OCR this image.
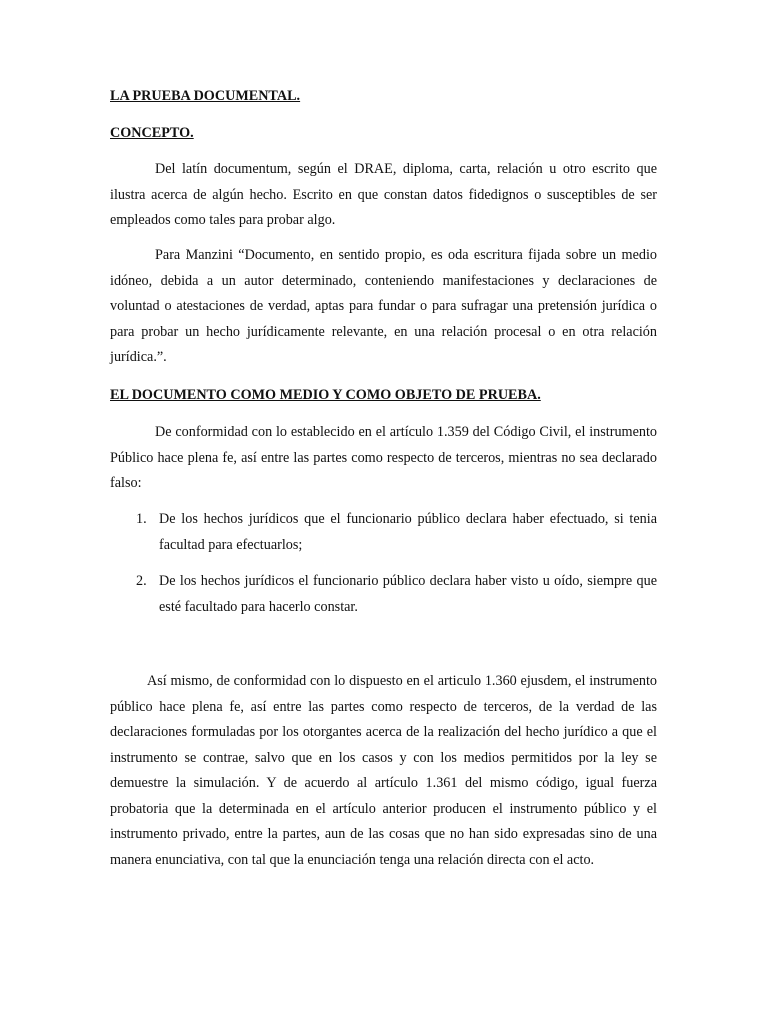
LA PRUEBA DOCUMENTAL.
CONCEPTO.

Del latín documentum, según el DRAE, diploma, carta, relación u otro escrito que ilustra acerca de algún hecho. Escrito en que constan datos fidedignos o susceptibles de ser empleados como tales para probar algo.

Para Manzini “Documento, en sentido propio, es oda escritura fijada sobre un medio idóneo, debida a un autor determinado, conteniendo manifestaciones y declaraciones de voluntad o atestaciones de verdad, aptas para fundar o para sufragar una pretensión jurídica o para probar un hecho jurídicamente relevante, en una relación procesal o en otra relación jurídica.”.

EL DOCUMENTO COMO MEDIO Y COMO OBJETO DE PRUEBA.

De conformidad con lo establecido en el artículo 1.359 del Código Civil, el instrumento Público hace plena fe, así entre las partes como respecto de terceros, mientras no sea declarado falso:

1. De los hechos jurídicos que el funcionario público declara haber efectuado, si tenia facultad para efectuarlos;
2. De los hechos jurídicos el funcionario público declara haber visto u oído, siempre que esté facultado para hacerlo constar.

Así mismo, de conformidad con lo dispuesto en el articulo 1.360 ejusdem, el instrumento público hace plena fe, así entre las partes como respecto de terceros, de la verdad de las declaraciones formuladas por los otorgantes acerca de la realización del hecho jurídico a que el instrumento se contrae, salvo que en los casos y con los medios permitidos por la ley se demuestre la simulación. Y de acuerdo al artículo 1.361 del mismo código, igual fuerza probatoria que la determinada en el artículo anterior producen el instrumento público y el instrumento privado, entre la partes, aun de las cosas que no han sido expresadas sino de una manera enunciativa, con tal que la enunciación tenga una relación directa con el acto.
